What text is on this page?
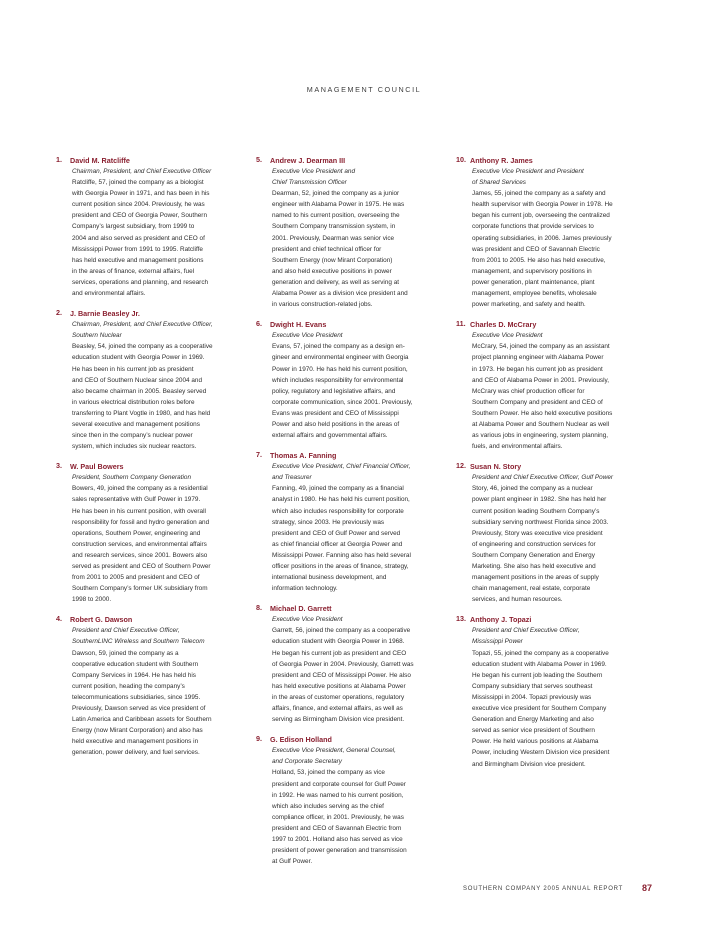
MANAGEMENT COUNCIL
1. David M. Ratcliffe
Chairman, President, and Chief Executive Officer
Ratcliffe, 57, joined the company as a biologist
with Georgia Power in 1971, and has been in his
current position since 2004. Previously, he was
president and CEO of Georgia Power, Southern
Company’s largest subsidiary, from 1999 to
2004 and also served as president and CEO of
Mississippi Power from 1991 to 1995. Ratcliffe
has held executive and management positions
in the areas of finance, external affairs, fuel
services, operations and planning, and research
and environmental affairs.
2. J. Barnie Beasley Jr.
Chairman, President, and Chief Executive Officer,
Southern Nuclear
Beasley, 54, joined the company as a cooperative
education student with Georgia Power in 1969.
He has been in his current job as president
and CEO of Southern Nuclear since 2004 and
also became chairman in 2005. Beasley served
in various electrical distribution roles before
transferring to Plant Vogtle in 1980, and has held
several executive and management positions
since then in the company’s nuclear power
system, which includes six nuclear reactors.
3. W. Paul Bowers
President, Southern Company Generation
Bowers, 49, joined the company as a residential
sales representative with Gulf Power in 1979.
He has been in his current position, with overall
responsibility for fossil and hydro generation and
operations, Southern Power, engineering and
construction services, and environmental affairs
and research services, since 2001. Bowers also
served as president and CEO of Southern Power
from 2001 to 2005 and president and CEO of
Southern Company’s former UK subsidiary from
1998 to 2000.
4. Robert G. Dawson
President and Chief Executive Officer,
SouthernLINC Wireless and Southern Telecom
Dawson, 59, joined the company as a
cooperative education student with Southern
Company Services in 1964. He has held his
current position, heading the company’s
telecommunications subsidiaries, since 1995.
Previously, Dawson served as vice president of
Latin America and Caribbean assets for Southern
Energy (now Mirant Corporation) and also has
held executive and management positions in
generation, power delivery, and fuel services.
5. Andrew J. Dearman III
Executive Vice President and
Chief Transmission Officer
Dearman, 52, joined the company as a junior
engineer with Alabama Power in 1975. He was
named to his current position, overseeing the
Southern Company transmission system, in
2001. Previously, Dearman was senior vice
president and chief technical officer for
Southern Energy (now Mirant Corporation)
and also held executive positions in power
generation and delivery, as well as serving at
Alabama Power as a division vice president and
in various construction-related jobs.
6. Dwight H. Evans
Executive Vice President
Evans, 57, joined the company as a design en-
gineer and environmental engineer with Georgia
Power in 1970. He has held his current position,
which includes responsibility for environmental
policy, regulatory and legislative affairs, and
corporate communication, since 2001. Previously,
Evans was president and CEO of Mississippi
Power and also held positions in the areas of
external affairs and governmental affairs.
7. Thomas A. Fanning
Executive Vice President, Chief Financial Officer,
and Treasurer
Fanning, 49, joined the company as a financial
analyst in 1980. He has held his current position,
which also includes responsibility for corporate
strategy, since 2003. He previously was
president and CEO of Gulf Power and served
as chief financial officer at Georgia Power and
Mississippi Power. Fanning also has held several
officer positions in the areas of finance, strategy,
international business development, and
information technology.
8. Michael D. Garrett
Executive Vice President
Garrett, 56, joined the company as a cooperative
education student with Georgia Power in 1968.
He began his current job as president and CEO
of Georgia Power in 2004. Previously, Garrett was
president and CEO of Mississippi Power. He also
has held executive positions at Alabama Power
in the areas of customer operations, regulatory
affairs, finance, and external affairs, as well as
serving as Birmingham Division vice president.
9. G. Edison Holland
Executive Vice President, General Counsel,
and Corporate Secretary
Holland, 53, joined the company as vice
president and corporate counsel for Gulf Power
in 1992. He was named to his current position,
which also includes serving as the chief
compliance officer, in 2001. Previously, he was
president and CEO of Savannah Electric from
1997 to 2001. Holland also has served as vice
president of power generation and transmission
at Gulf Power.
10. Anthony R. James
Executive Vice President and President
of Shared Services
James, 55, joined the company as a safety and
health supervisor with Georgia Power in 1978. He
began his current job, overseeing the centralized
corporate functions that provide services to
operating subsidiaries, in 2006. James previously
was president and CEO of Savannah Electric
from 2001 to 2005. He also has held executive,
management, and supervisory positions in
power generation, plant maintenance, plant
management, employee benefits, wholesale
power marketing, and safety and health.
11. Charles D. McCrary
Executive Vice President
McCrary, 54, joined the company as an assistant
project planning engineer with Alabama Power
in 1973. He began his current job as president
and CEO of Alabama Power in 2001. Previously,
McCrary was chief production officer for
Southern Company and president and CEO of
Southern Power. He also held executive positions
at Alabama Power and Southern Nuclear as well
as various jobs in engineering, system planning,
fuels, and environmental affairs.
12. Susan N. Story
President and Chief Executive Officer, Gulf Power
Story, 46, joined the company as a nuclear
power plant engineer in 1982. She has held her
current position leading Southern Company’s
subsidiary serving northwest Florida since 2003.
Previously, Story was executive vice president
of engineering and construction services for
Southern Company Generation and Energy
Marketing. She also has held executive and
management positions in the areas of supply
chain management, real estate, corporate
services, and human resources.
13. Anthony J. Topazi
President and Chief Executive Officer,
Mississippi Power
Topazi, 55, joined the company as a cooperative
education student with Alabama Power in 1969.
He began his current job leading the Southern
Company subsidiary that serves southeast
Mississippi in 2004. Topazi previously was
executive vice president for Southern Company
Generation and Energy Marketing and also
served as senior vice president of Southern
Power. He held various positions at Alabama
Power, including Western Division vice president
and Birmingham Division vice president.
SOUTHERN COMPANY 2005 ANNUAL REPORT 87
